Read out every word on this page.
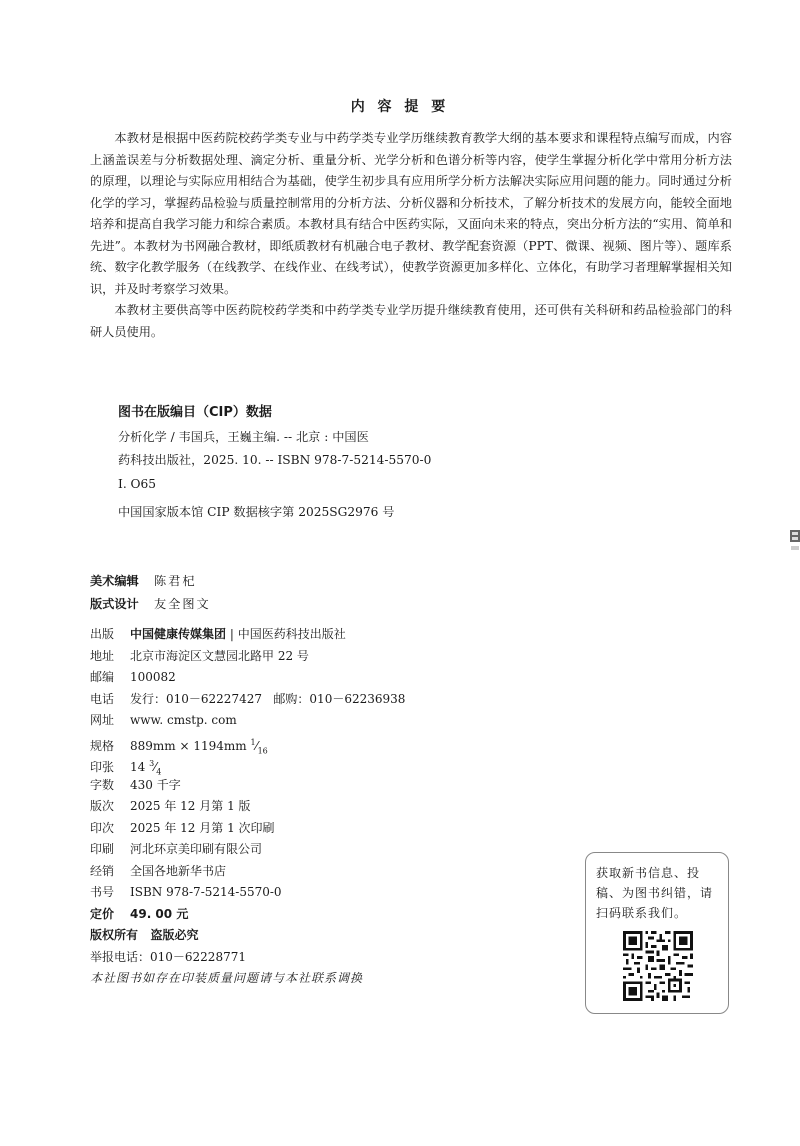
内 容 提 要

本教材是根据中医药院校药学类专业与中药学类专业学历继续教育教学大纲的基本要求和课程特点编写而成，内容上涵盖误差与分析数据处理、滴定分析、重量分析、光学分析和色谱分析等内容，使学生掌握分析化学中常用分析方法的原理，以理论与实际应用相结合为基础，使学生初步具有应用所学分析方法解决实际应用问题的能力。同时通过分析化学的学习，掌握药品检验与质量控制常用的分析方法、分析仪器和分析技术，了解分析技术的发展方向，能较全面地培养和提高自我学习能力和综合素质。本教材具有结合中医药实际，又面向未来的特点，突出分析方法的“实用、简单和先进”。本教材为书网融合教材，即纸质教材有机融合电子教材、教学配套资源（PPT、微课、视频、图片等）、题库系统、数字化教学服务（在线教学、在线作业、在线考试），使教学资源更加多样化、立体化，有助学习者理解掌握相关知识，并及时考察学习效果。

本教材主要供高等中医药院校药学类和中药学类专业学历提升继续教育使用，还可供有关科研和药品检验部门的科研人员使用。

图书在版编目（CIP）数据
分析化学 / 韦国兵，王巍主编. -- 北京 : 中国医
药科技出版社，2025. 10. -- ISBN 978-7-5214-5570-0
Ⅰ. O65
中国国家版本馆 CIP 数据核字第 2025SG2976 号
美术编辑 陈君杞
版式设计 友全图文
出版 中国健康传媒集团 | 中国医药科技出版社
地址 北京市海淀区文慧园北路甲 22 号
邮编 100082
电话 发行：010－62227427   邮购：010－62236938
网址 www. cmstp. com
规格 889mm × 1194mm $^1⁄_{16}$
印张 14 $^3⁄_4$
字数 430 千字
版次 2025 年 12 月第 1 版
印次 2025 年 12 月第 1 次印刷
印刷 河北环京美印刷有限公司
经销 全国各地新华书店
书号 ISBN 978-7-5214-5570-0
定价 49. 00 元
版权所有   盗版必究
举报电话：010－62228771
本社图书如存在印装质量问题请与本社联系调换
获取新书信息、投稿、为图书纠错，请扫码联系我们。
